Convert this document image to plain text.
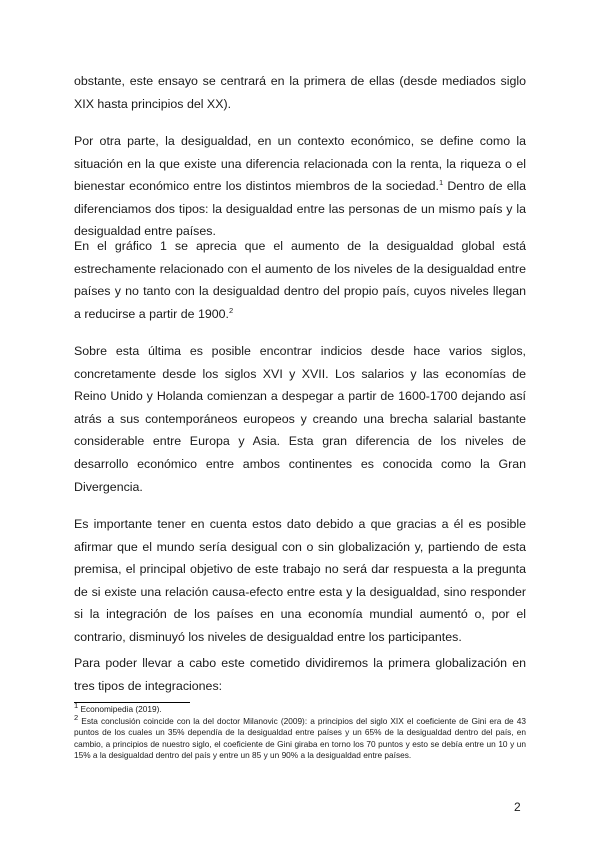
obstante, este ensayo se centrará en la primera de ellas (desde mediados siglo XIX hasta principios del XX).

Por otra parte, la desigualdad, en un contexto económico, se define como la situación en la que existe una diferencia relacionada con la renta, la riqueza o el bienestar económico entre los distintos miembros de la sociedad.$^1$ Dentro de ella diferenciamos dos tipos: la desigualdad entre las personas de un mismo país y la desigualdad entre países.

En el gráfico 1 se aprecia que el aumento de la desigualdad global está estrechamente relacionado con el aumento de los niveles de la desigualdad entre países y no tanto con la desigualdad dentro del propio país, cuyos niveles llegan a reducirse a partir de 1900.$^2$

Sobre esta última es posible encontrar indicios desde hace varios siglos, concretamente desde los siglos XVI y XVII. Los salarios y las economías de Reino Unido y Holanda comienzan a despegar a partir de 1600-1700 dejando así atrás a sus contemporáneos europeos y creando una brecha salarial bastante considerable entre Europa y Asia. Esta gran diferencia de los niveles de desarrollo económico entre ambos continentes es conocida como la Gran Divergencia.

Es importante tener en cuenta estos dato debido a que gracias a él es posible afirmar que el mundo sería desigual con o sin globalización y, partiendo de esta premisa, el principal objetivo de este trabajo no será dar respuesta a la pregunta de si existe una relación causa-efecto entre esta y la desigualdad, sino responder si la integración de los países en una economía mundial aumentó o, por el contrario, disminuyó los niveles de desigualdad entre los participantes.

Para poder llevar a cabo este cometido dividiremos la primera globalización en tres tipos de integraciones:

$^1$ Economipedia (2019).

$^2$ Esta conclusión coincide con la del doctor Milanovic (2009): a principios del siglo XIX el coeficiente de Gini era de 43 puntos de los cuales un 35% dependía de la desigualdad entre países y un 65% de la desigualdad dentro del país, en cambio, a principios de nuestro siglo, el coeficiente de Gini giraba en torno los 70 puntos y esto se debía entre un 10 y un 15% a la desigualdad dentro del país y entre un 85 y un 90% a la desigualdad entre países.

2
